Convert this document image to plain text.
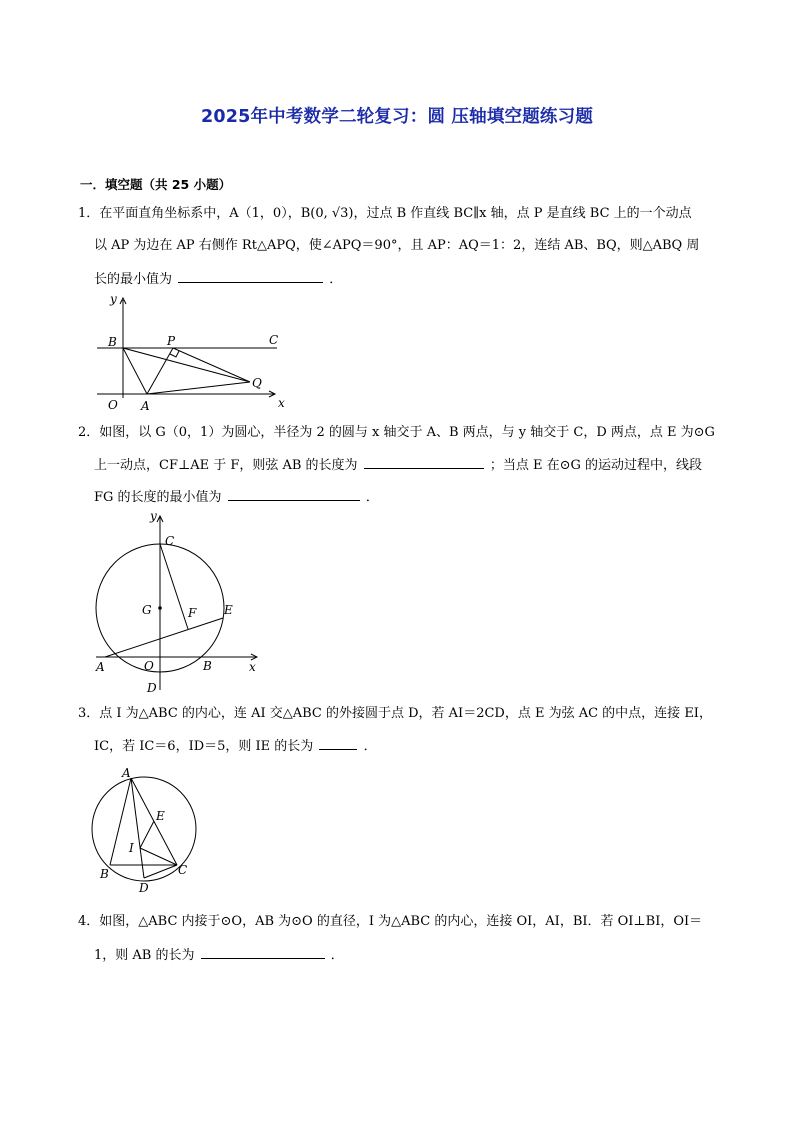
2025年中考数学二轮复习：圆 压轴填空题练习题
一．填空题（共 25 小题）
1．在平面直角坐标系中，A（1，0），B(0, √3)，过点 B 作直线 BC∥x 轴，点 P 是直线 BC 上的一个动点
以 AP 为边在 AP 右侧作 Rt△APQ，使∠APQ＝90°，且 AP：AQ＝1：2，连结 AB、BQ，则△ABQ 周
长的最小值为	．
y
x
O A
B	C
P
Q
2．如图，以 G（0，1）为圆心，半径为 2 的圆与 x 轴交于 A、B 两点，与 y 轴交于 C，D 两点，点 E 为⊙G
上一动点，CF⊥AE 于 F，则弦 AB 的长度为	；当点 E 在⊙G 的运动过程中，线段
FG 的长度的最小值为	．
y
x
O
A	B
C
D
E
F
G
3．点 I 为△ABC 的内心，连 AI 交△ABC 的外接圆于点 D，若 AI＝2CD，点 E 为弦 AC 的中点，连接 EI，
IC，若 IC＝6，ID＝5，则 IE 的长为	．
A
B	C
D
E
I
4．如图，△ABC 内接于⊙O，AB 为⊙O 的直径，I 为△ABC 的内心，连接 OI，AI，BI．若 OI⊥BI，OI＝
1，则 AB 的长为	．
